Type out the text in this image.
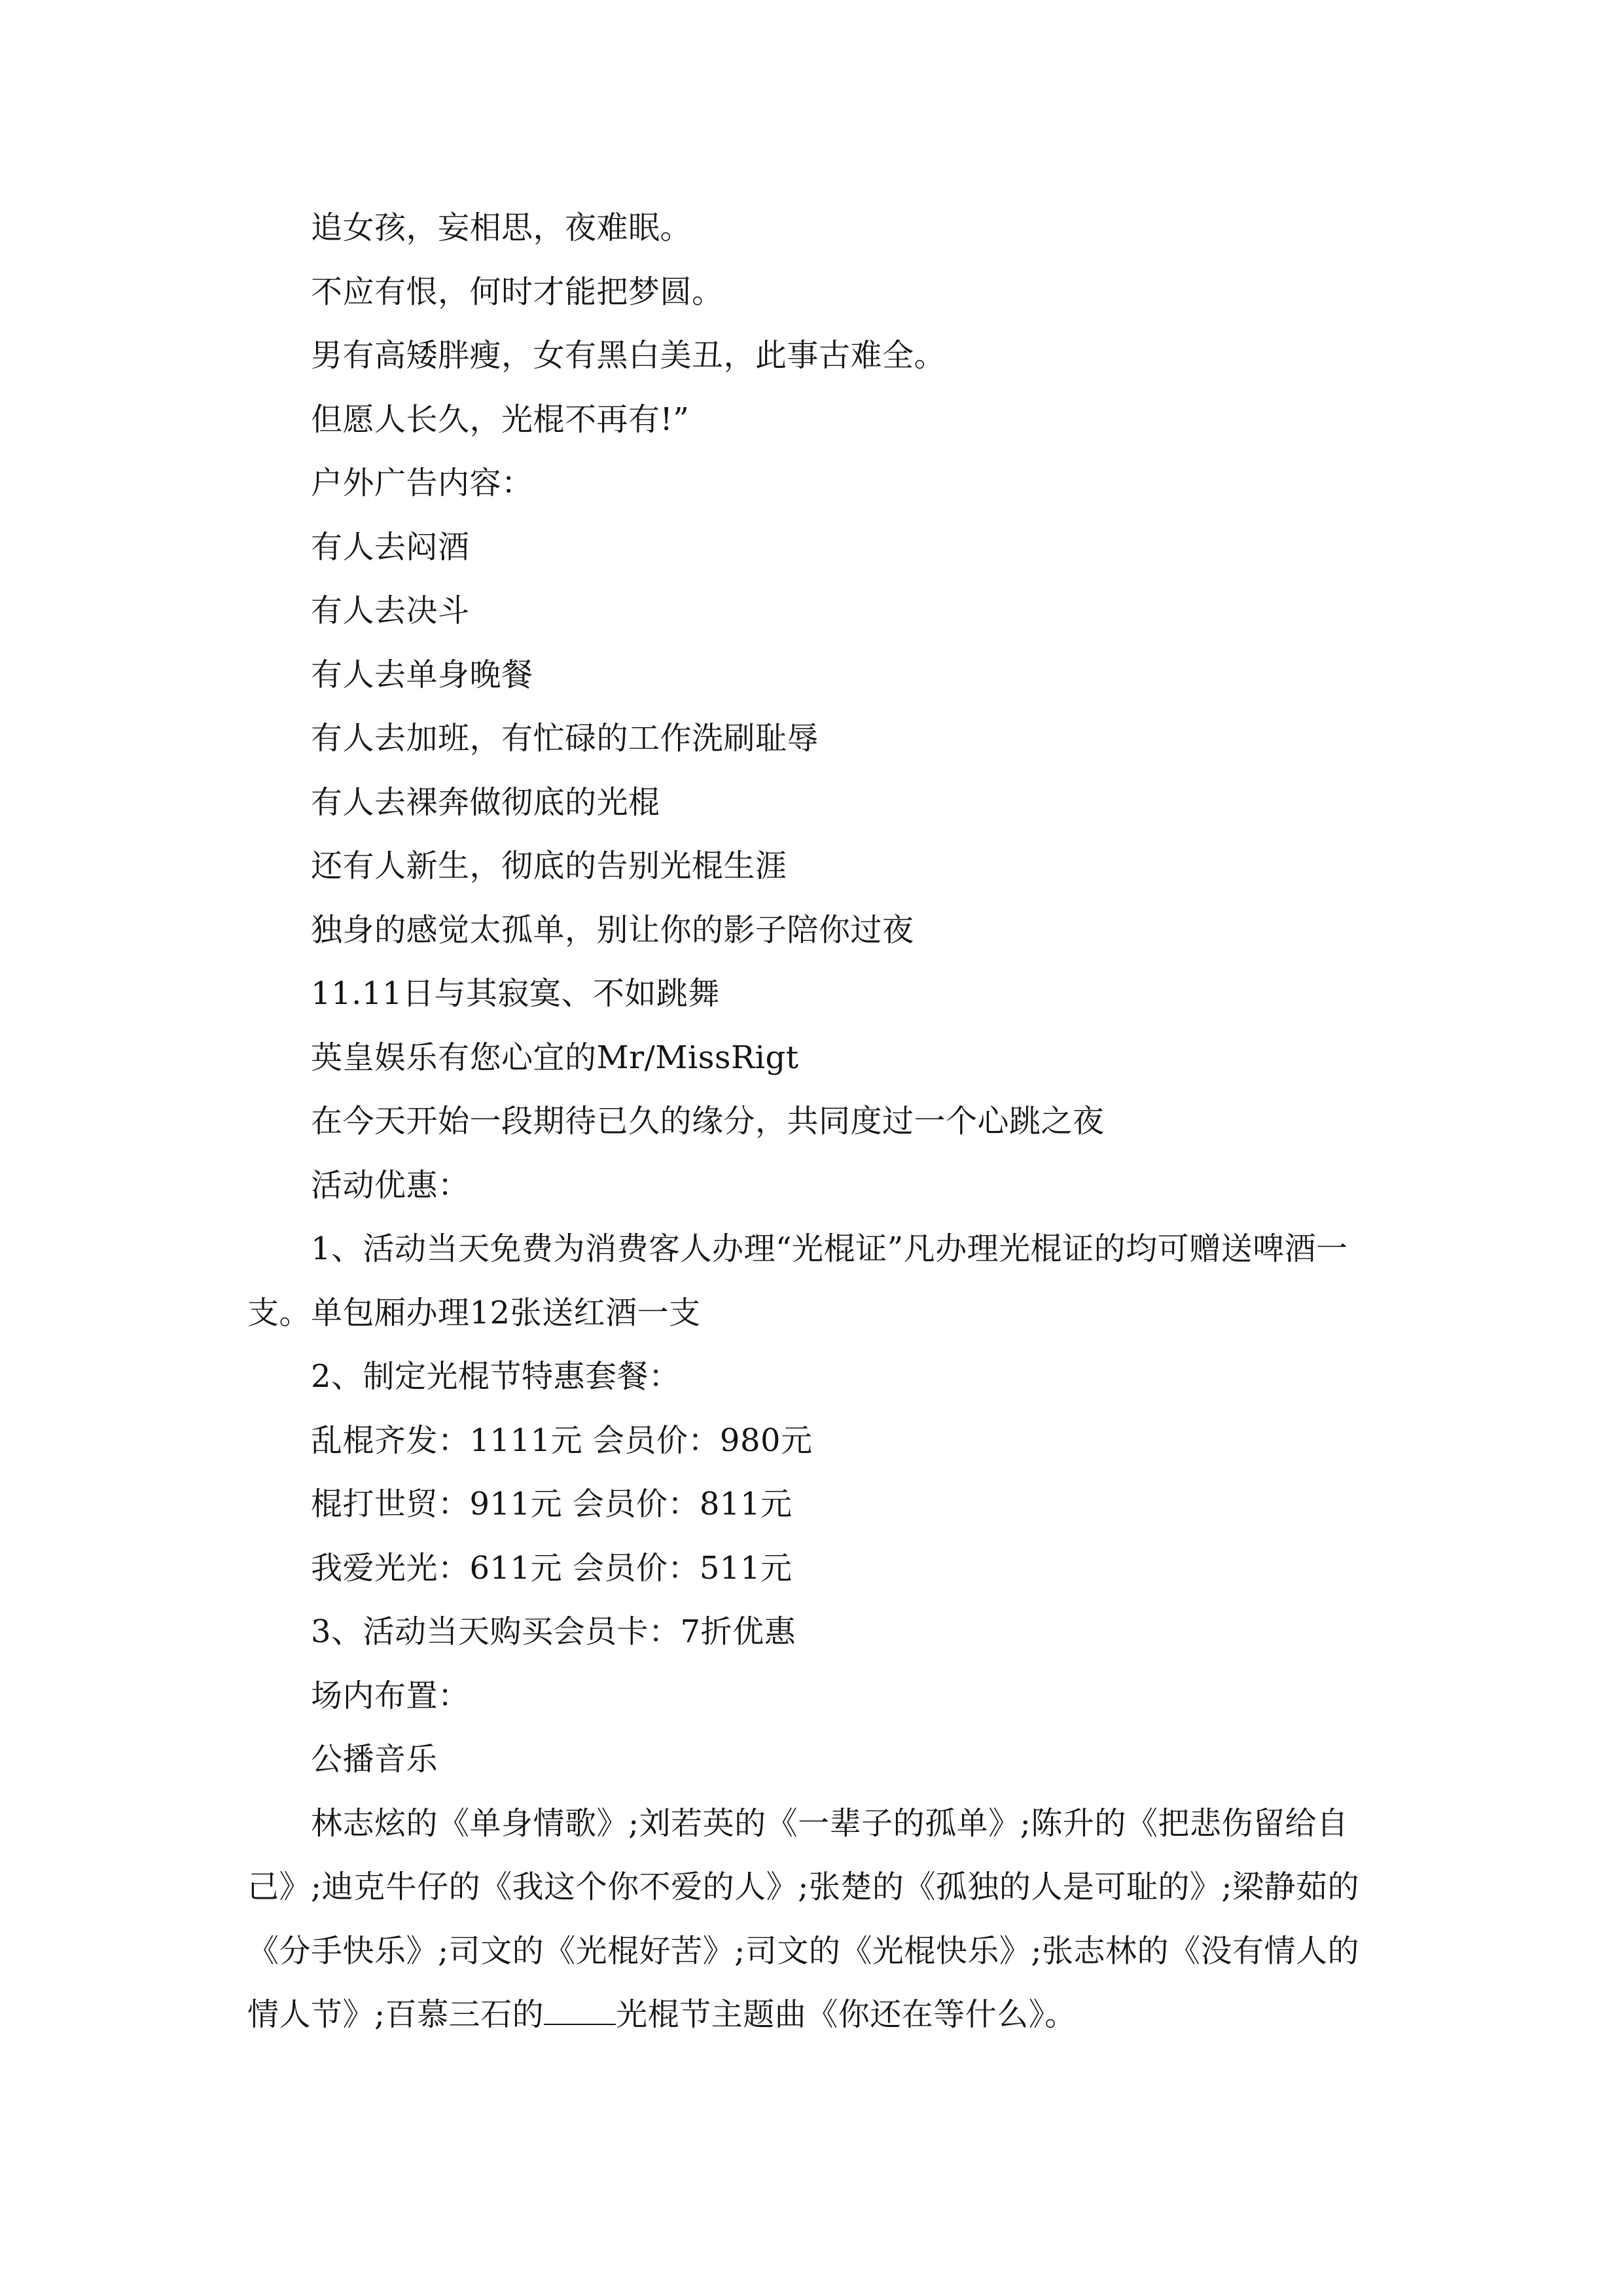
追女孩，妄相思，夜难眠。

不应有恨，何时才能把梦圆。

男有高矮胖瘦，女有黑白美丑，此事古难全。

但愿人长久，光棍不再有!”

户外广告内容：

有人去闷酒

有人去决斗

有人去单身晚餐

有人去加班，有忙碌的工作洗刷耻辱

有人去裸奔做彻底的光棍

还有人新生，彻底的告别光棍生涯

独身的感觉太孤单，别让你的影子陪你过夜

11.11日与其寂寞、不如跳舞

英皇娱乐有您心宜的Mr/MissRigt

在今天开始一段期待已久的缘分，共同度过一个心跳之夜

活动优惠：

1、活动当天免费为消费客人办理“光棍证”凡办理光棍证的均可赠送啤酒一支。单包厢办理12张送红酒一支

2、制定光棍节特惠套餐：

乱棍齐发：1111元 会员价：980元

棍打世贸：911元 会员价：811元

我爱光光：611元 会员价：511元

3、活动当天购买会员卡：7折优惠

场内布置：

公播音乐

林志炫的《单身情歌》;刘若英的《一辈子的孤单》;陈升的《把悲伤留给自己》;迪克牛仔的《我这个你不爱的人》;张楚的《孤独的人是可耻的》;梁静茹的《分手快乐》;司文的《光棍好苦》;司文的《光棍快乐》;张志林的《没有情人的情人节》;百慕三石的 光棍节主题曲《你还在等什么》。
